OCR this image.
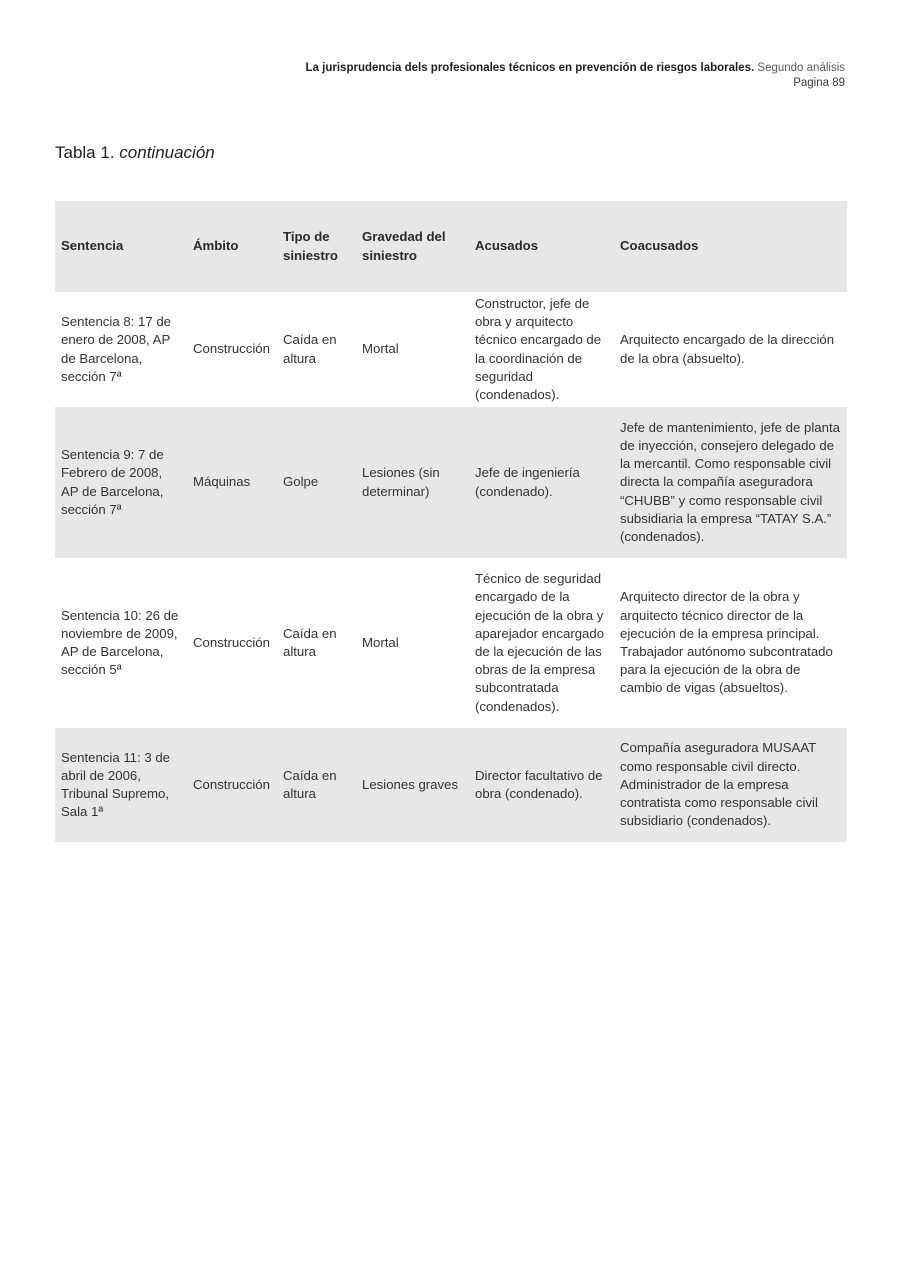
La jurisprudencia dels profesionales técnicos en prevención de riesgos laborales. Segundo análisis
Pagina 89
Tabla 1. continuación
Sentencia	Ámbito	Tipo de siniestro	Gravedad del siniestro	Acusados	Coacusados
Sentencia 8: 17 de enero de 2008, AP de Barcelona, sección 7ª	Construcción	Caída en altura	Mortal	Constructor, jefe de obra y arquitecto técnico encargado de la coordinación de seguridad (condenados).	Arquitecto encargado de la dirección de la obra (absuelto).
Sentencia 9: 7 de Febrero de 2008, AP de Barcelona, sección 7ª	Máquinas	Golpe	Lesiones (sin determinar)	Jefe de ingeniería (condenado).	Jefe de mantenimiento, jefe de planta de inyección, consejero delegado de la mercantil. Como responsable civil directa la compañía aseguradora “CHUBB” y como responsable civil subsidiaria la empresa “TATAY S.A.” (condenados).
Sentencia 10: 26 de noviembre de 2009, AP de Barcelona, sección 5ª	Construcción	Caída en altura	Mortal	Técnico de seguridad encargado de la ejecución de la obra y aparejador encargado de la ejecución de las obras de la empresa subcontratada (condenados).	Arquitecto director de la obra y arquitecto técnico director de la ejecución de la empresa principal. Trabajador autónomo subcontratado para la ejecución de la obra de cambio de vigas (absueltos).
Sentencia 11: 3 de abril de 2006, Tribunal Supremo, Sala 1ª	Construcción	Caída en altura	Lesiones graves	Director facultativo de obra (condenado).	Compañía aseguradora MUSAAT como responsable civil directo. Administrador de la empresa contratista como responsable civil subsidiario (condenados).
